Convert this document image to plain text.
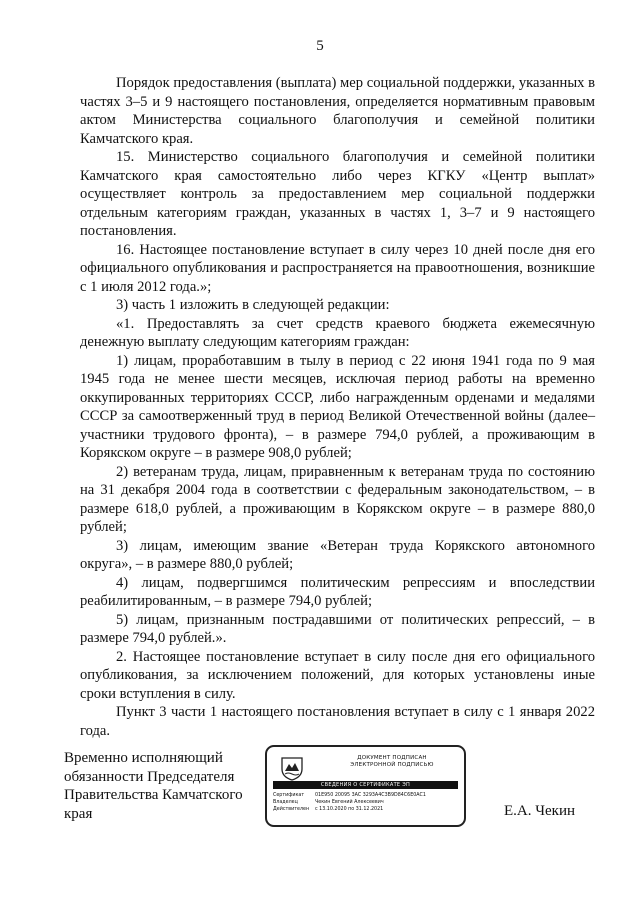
5

Порядок предоставления (выплата) мер социальной поддержки, указанных в частях 3–5 и 9 настоящего постановления, определяется нормативным правовым актом Министерства социального благополучия и семейной политики Камчатского края.

15. Министерство социального благополучия и семейной политики Камчатского края самостоятельно либо через КГКУ «Центр выплат» осуществляет контроль за предоставлением мер социальной поддержки отдельным категориям граждан, указанных в частях 1, 3–7 и 9 настоящего постановления.

16. Настоящее постановление вступает в силу через 10 дней после дня его официального опубликования и распространяется на правоотношения, возникшие с 1 июля 2012 года.»;

3) часть 1 изложить в следующей редакции:

«1. Предоставлять за счет средств краевого бюджета ежемесячную денежную выплату следующим категориям граждан:

1) лицам, проработавшим в тылу в период с 22 июня 1941 года по 9 мая 1945 года не менее шести месяцев, исключая период работы на временно оккупированных территориях СССР, либо награжденным орденами и медалями СССР за самоотверженный труд в период Великой Отечественной войны (далее– участники трудового фронта), – в размере 794,0 рублей, а проживающим в Корякском округе – в размере 908,0 рублей;

2) ветеранам труда, лицам, приравненным к ветеранам труда по состоянию на 31 декабря 2004 года в соответствии с федеральным законодательством, – в размере 618,0 рублей, а проживающим в Корякском округе – в размере 880,0 рублей;

3) лицам, имеющим звание «Ветеран труда Корякского автономного округа», – в размере 880,0 рублей;

4) лицам, подвергшимся политическим репрессиям и впоследствии реабилитированным, – в размере 794,0 рублей;

5) лицам, признанным пострадавшими от политических репрессий, – в размере 794,0 рублей.».

2. Настоящее постановление вступает в силу после дня его официального опубликования, за исключением положений, для которых установлены иные сроки вступления в силу.

Пункт 3 части 1 настоящего постановления вступает в силу с 1 января 2022 года.

Временно исполняющий
обязанности Председателя
Правительства Камчатского
края
ДОКУМЕНТ ПОДПИСАН
ЭЛЕКТРОННОЙ ПОДПИСЬЮ
СВЕДЕНИЯ О СЕРТИФИКАТЕ ЭП
Сертификат 01E950 20095 3AC 3293A4C3B9D84C6E0AC1
Владелец	Чекин Евгений Алексеевич
Действителен с 13.10.2020 по 31.12.2021	Е.А. Чекин
